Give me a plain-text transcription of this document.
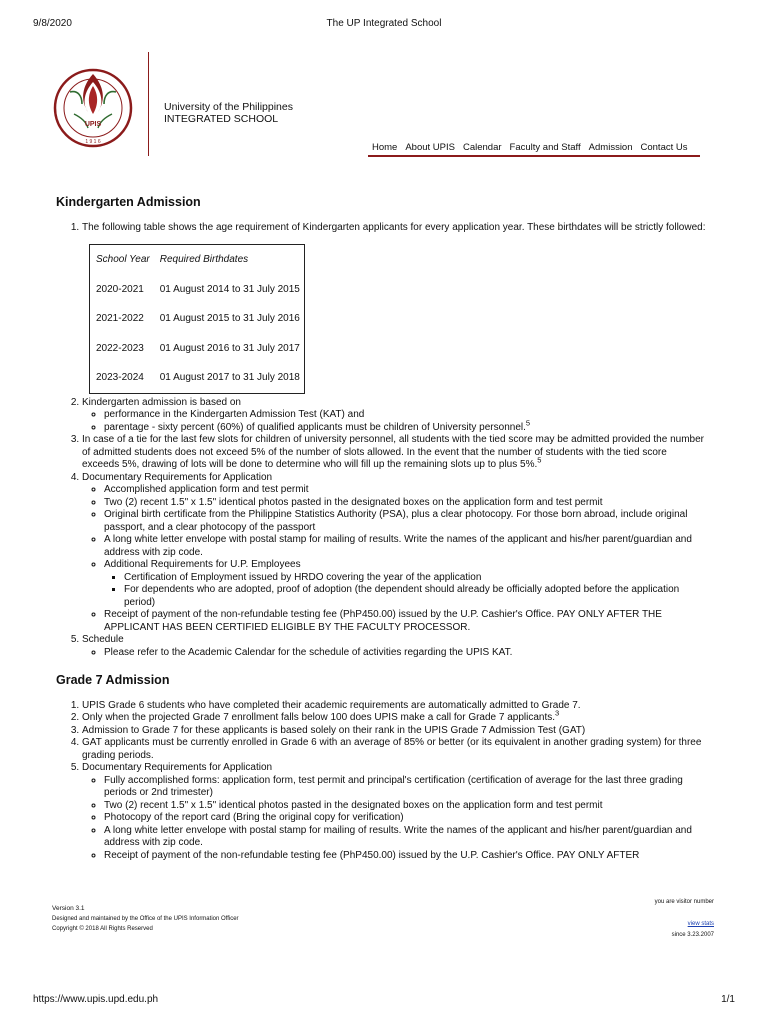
9/8/2020	The UP Integrated School
UPIS
1 9 1 6
University of the Philippines
INTEGRATED SCHOOL
Home About UPIS Calendar Faculty and Staff Admission Contact Us
Kindergarten Admission
1. The following table shows the age requirement of Kindergarten applicants for every application year. These birthdates will be strictly followed:
School Year	Required Birthdates
2020-2021	01 August 2014 to 31 July 2015
2021-2022	01 August 2015 to 31 July 2016
2022-2023	01 August 2016 to 31 July 2017
2023-2024	01 August 2017 to 31 July 2018
2. Kindergarten admission is based on
◦ performance in the Kindergarten Admission Test (KAT) and
◦ parentage - sixty percent (60%) of qualified applicants must be children of University personnel.$^5$
3. In case of a tie for the last few slots for children of university personnel, all students with the tied score may be admitted provided the number of admitted students does not exceed 5% of the number of slots allowed. In the event that the number of students with the tied score exceeds 5%, drawing of lots will be done to determine who will fill up the remaining slots up to plus 5%.$^5$
4. Documentary Requirements for Application
◦ Accomplished application form and test permit
◦ Two (2) recent 1.5" x 1.5" identical photos pasted in the designated boxes on the application form and test permit
◦ Original birth certificate from the Philippine Statistics Authority (PSA), plus a clear photocopy. For those born abroad, include original passport, and a clear photocopy of the passport
◦ A long white letter envelope with postal stamp for mailing of results. Write the names of the applicant and his/her parent/guardian and address with zip code.
◦ Additional Requirements for U.P. Employees
▪ Certification of Employment issued by HRDO covering the year of the application
▪ For dependents who are adopted, proof of adoption (the dependent should already be officially adopted before the application period)
◦ Receipt of payment of the non-refundable testing fee (PhP450.00) issued by the U.P. Cashier's Office. PAY ONLY AFTER THE APPLICANT HAS BEEN CERTIFIED ELIGIBLE BY THE FACULTY PROCESSOR.
5. Schedule
◦ Please refer to the Academic Calendar for the schedule of activities regarding the UPIS KAT.
Grade 7 Admission
1. UPIS Grade 6 students who have completed their academic requirements are automatically admitted to Grade 7.
2. Only when the projected Grade 7 enrollment falls below 100 does UPIS make a call for Grade 7 applicants.$^3$
3. Admission to Grade 7 for these applicants is based solely on their rank in the UPIS Grade 7 Admission Test (GAT)
4. GAT applicants must be currently enrolled in Grade 6 with an average of 85% or better (or its equivalent in another grading system) for three grading periods.
5. Documentary Requirements for Application
◦ Fully accomplished forms: application form, test permit and principal's certification (certification of average for the last three grading periods or 2nd trimester)
◦ Two (2) recent 1.5" x 1.5" identical photos pasted in the designated boxes on the application form and test permit
◦ Photocopy of the report card (Bring the original copy for verification)
◦ A long white letter envelope with postal stamp for mailing of results. Write the names of the applicant and his/her parent/guardian and address with zip code.
◦ Receipt of payment of the non-refundable testing fee (PhP450.00) issued by the U.P. Cashier's Office. PAY ONLY AFTER
Version 3.1
Designed and maintained by the Office of the UPIS Information Officer
Copyright © 2018 All Rights Reserved
you are visitor number
view stats
since 3.23.2007
https://www.upis.upd.edu.ph	1/1
